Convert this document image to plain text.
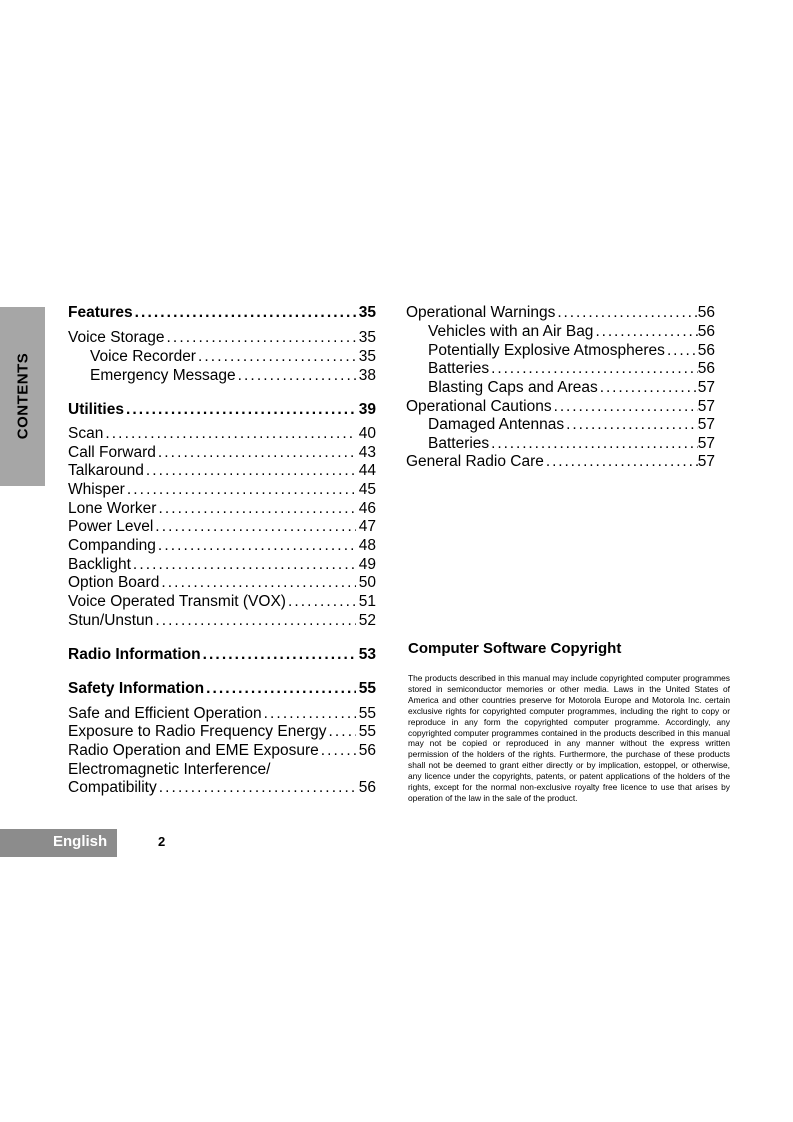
CONTENTS
Features .....	35
Voice Storage .....	35
Voice Recorder .....	35
Emergency Message .....	38
Utilities .....	39
Scan .....	40
Call Forward .....	43
Talkaround .....	44
Whisper .....	45
Lone Worker .....	46
Power Level .....	47
Companding .....	48
Backlight .....	49
Option Board .....	50
Voice Operated Transmit (VOX) .....	51
Stun/Unstun .....	52
Radio Information .....	53
Safety Information .....	55
Safe and Efficient Operation .....	55
Exposure to Radio Frequency Energy ..... 55
Radio Operation and EME Exposure .....	56
Electromagnetic Interference/
Compatibility .....	56
Operational Warnings .....	56
Vehicles with an Air Bag .....	56
Potentially Explosive Atmospheres ..... 56
Batteries .....	56
Blasting Caps and Areas .....	57
Operational Cautions .....	57
Damaged Antennas .....	57
Batteries .....	57
General Radio Care .....	57
Computer Software Copyright
The products described in this manual may include copyrighted computer programmes stored in semiconductor memories or other media. Laws in the United States of America and other countries preserve for Motorola Europe and Motorola Inc. certain exclusive rights for copyrighted computer programmes, including the right to copy or reproduce in any form the copyrighted computer programme. Accordingly, any copyrighted computer programmes contained in the products described in this manual may not be copied or reproduced in any manner without the express written permission of the holders of the rights. Furthermore, the purchase of these products shall not be deemed to grant either directly or by implication, estoppel, or otherwise, any licence under the copyrights, patents, or patent applications of the holders of the rights, except for the normal non-exclusive royalty free licence to use that arises by operation of the law in the sale of the product.
English	2
